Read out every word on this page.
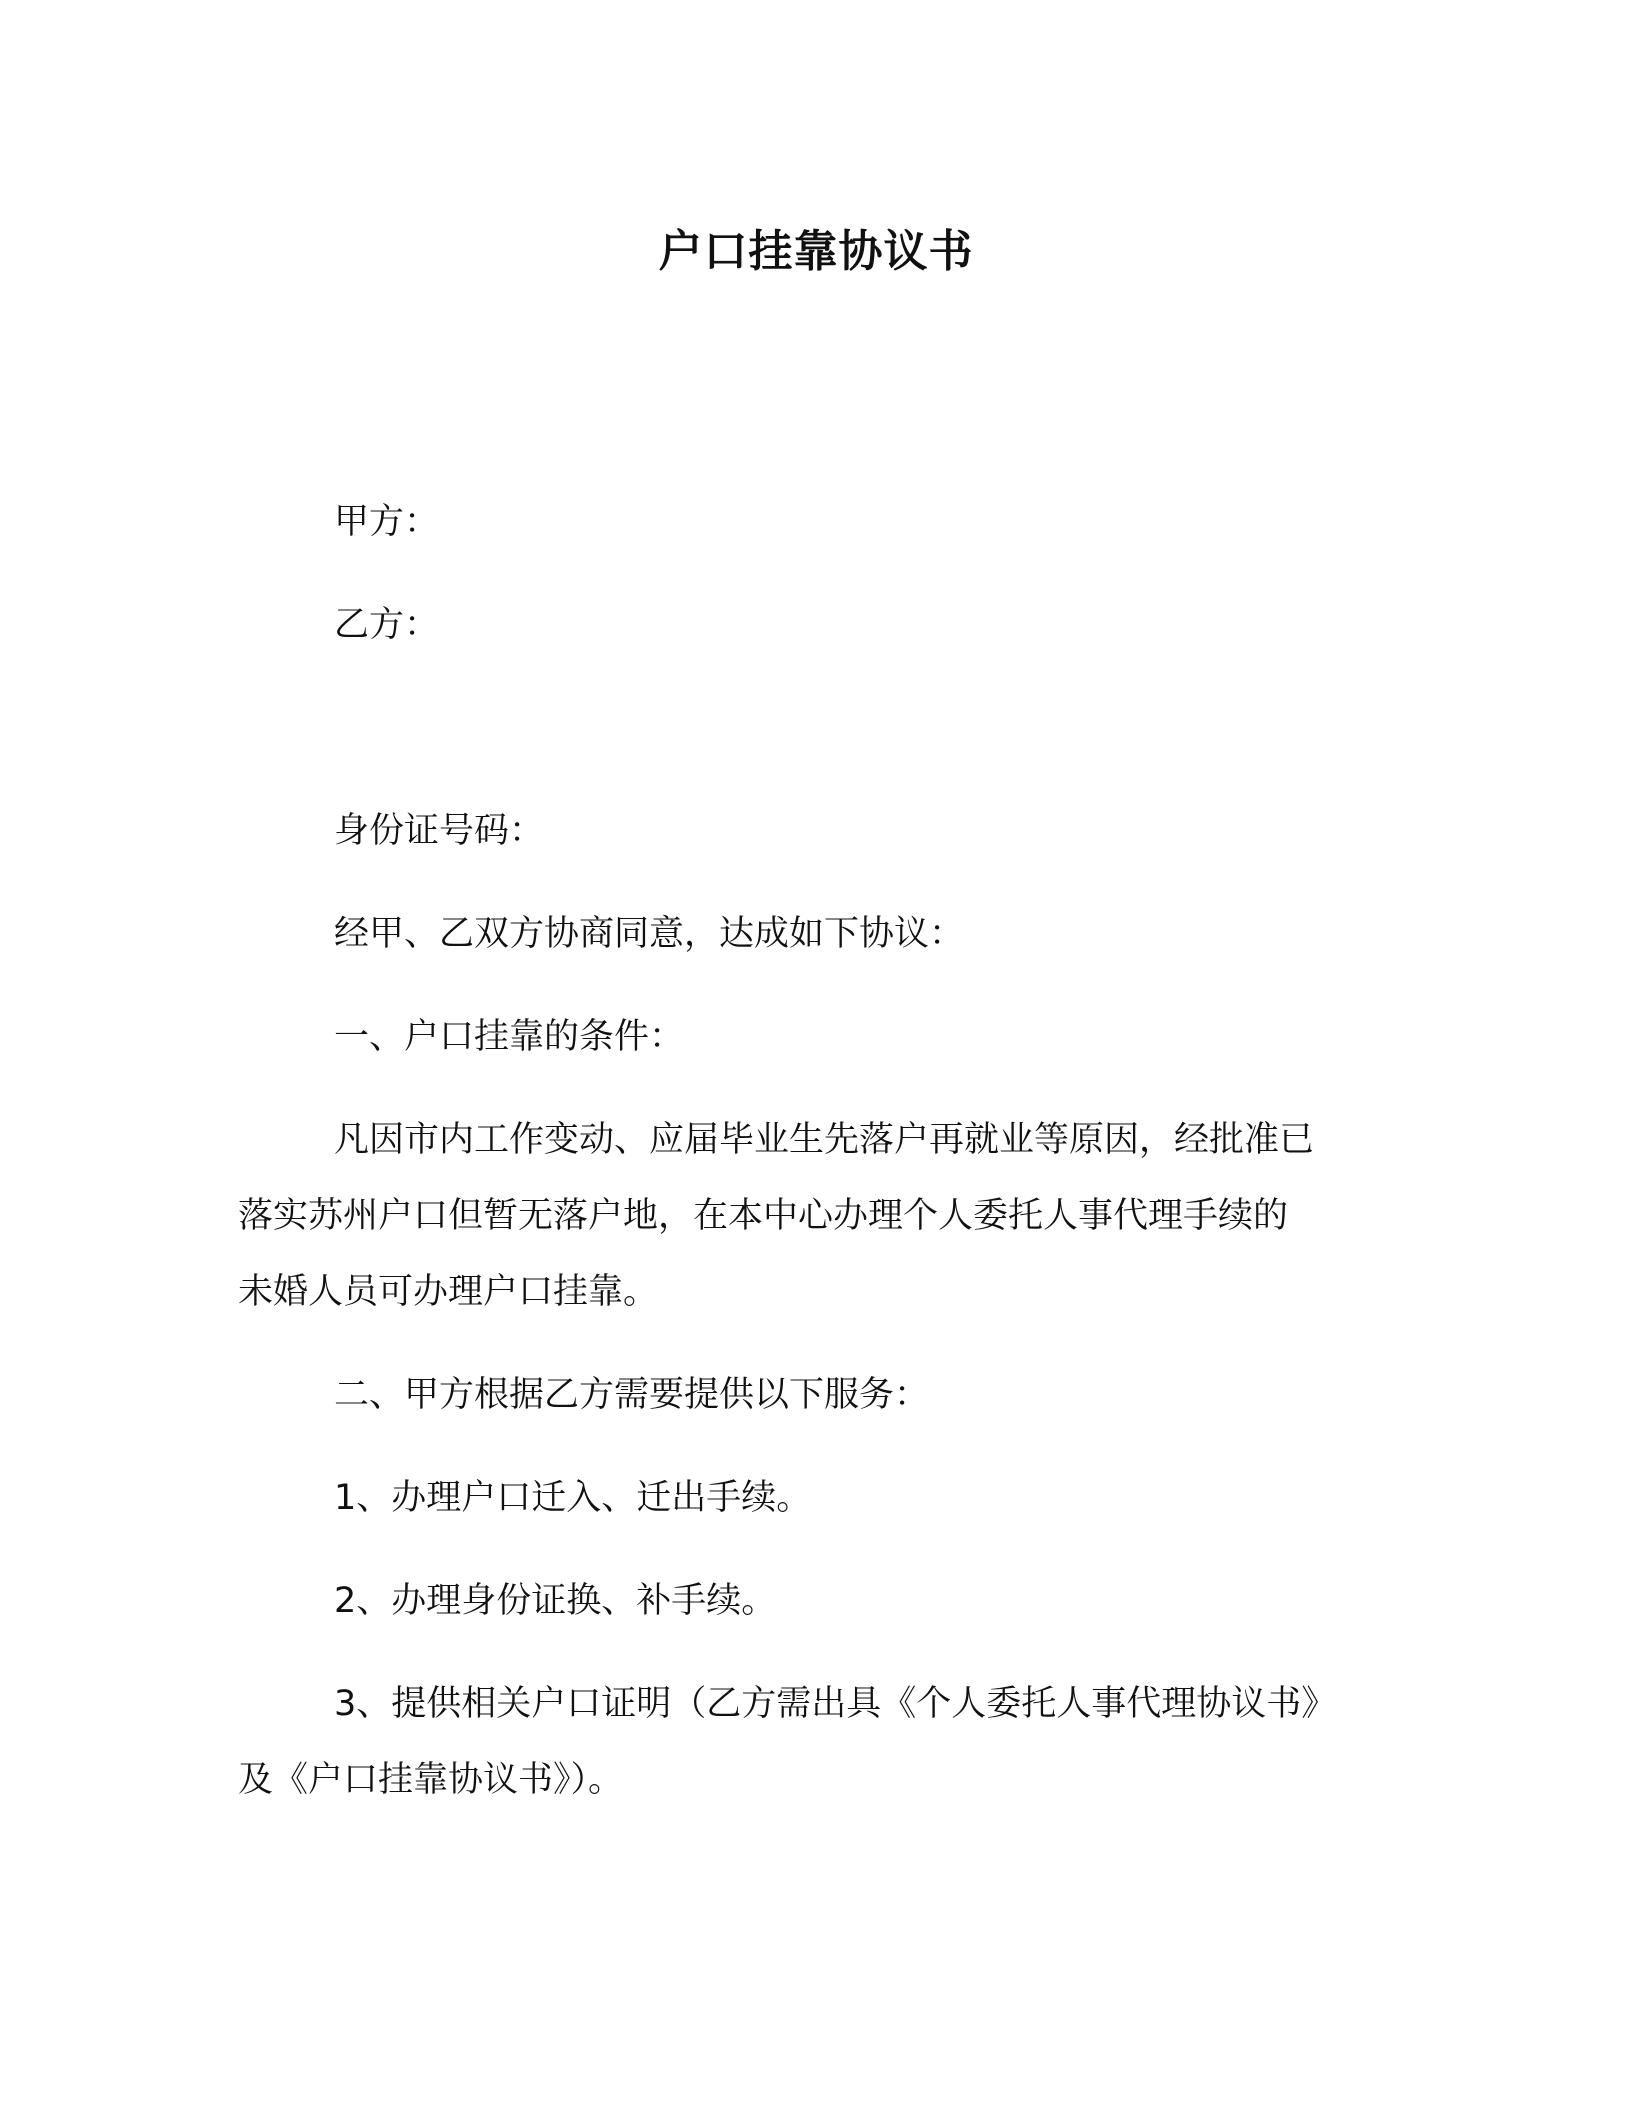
户口挂靠协议书
甲方：
乙方：
身份证号码：
经甲、乙双方协商同意，达成如下协议：
一、户口挂靠的条件：
凡因市内工作变动、应届毕业生先落户再就业等原因，经批准已
落实苏州户口但暂无落户地，在本中心办理个人委托人事代理手续的
未婚人员可办理户口挂靠。
二、甲方根据乙方需要提供以下服务：
1、办理户口迁入、迁出手续。
2、办理身份证换、补手续。
3、提供相关户口证明（乙方需出具《个人委托人事代理协议书》
及《户口挂靠协议书》）。
